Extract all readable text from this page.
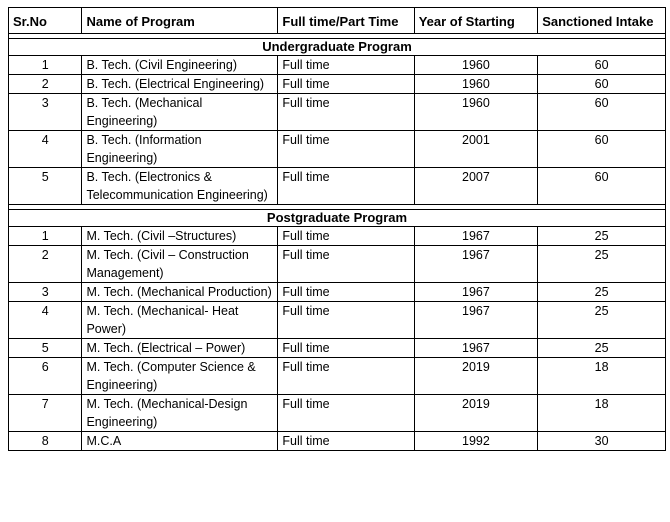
Sr.No	Name of Program	Full time/Part Time	Year of Starting	Sanctioned Intake

Undergraduate Program				
1	B. Tech. (Civil Engineering)	Full time	1960	60
2	B. Tech. (Electrical Engineering)	Full time	1960	60
3	B. Tech. (Mechanical Engineering)	Full time	1960	60
4	B. Tech. (Information Engineering)	Full time	2001	60
5	B. Tech. (Electronics & Telecommunication Engineering)	Full time	2007	60

Postgraduate Program				
1	M. Tech. (Civil –Structures)	Full time	1967	25
2	M. Tech. (Civil – Construction Management)	Full time	1967	25
3	M. Tech. (Mechanical Production)	Full time	1967	25
4	M. Tech. (Mechanical- Heat Power)	Full time	1967	25
5	M. Tech. (Electrical – Power)	Full time	1967	25
6	M. Tech. (Computer Science & Engineering)	Full time	2019	18
7	M. Tech. (Mechanical-Design Engineering)	Full time	2019	18
8	M.C.A	Full time	1992	30
